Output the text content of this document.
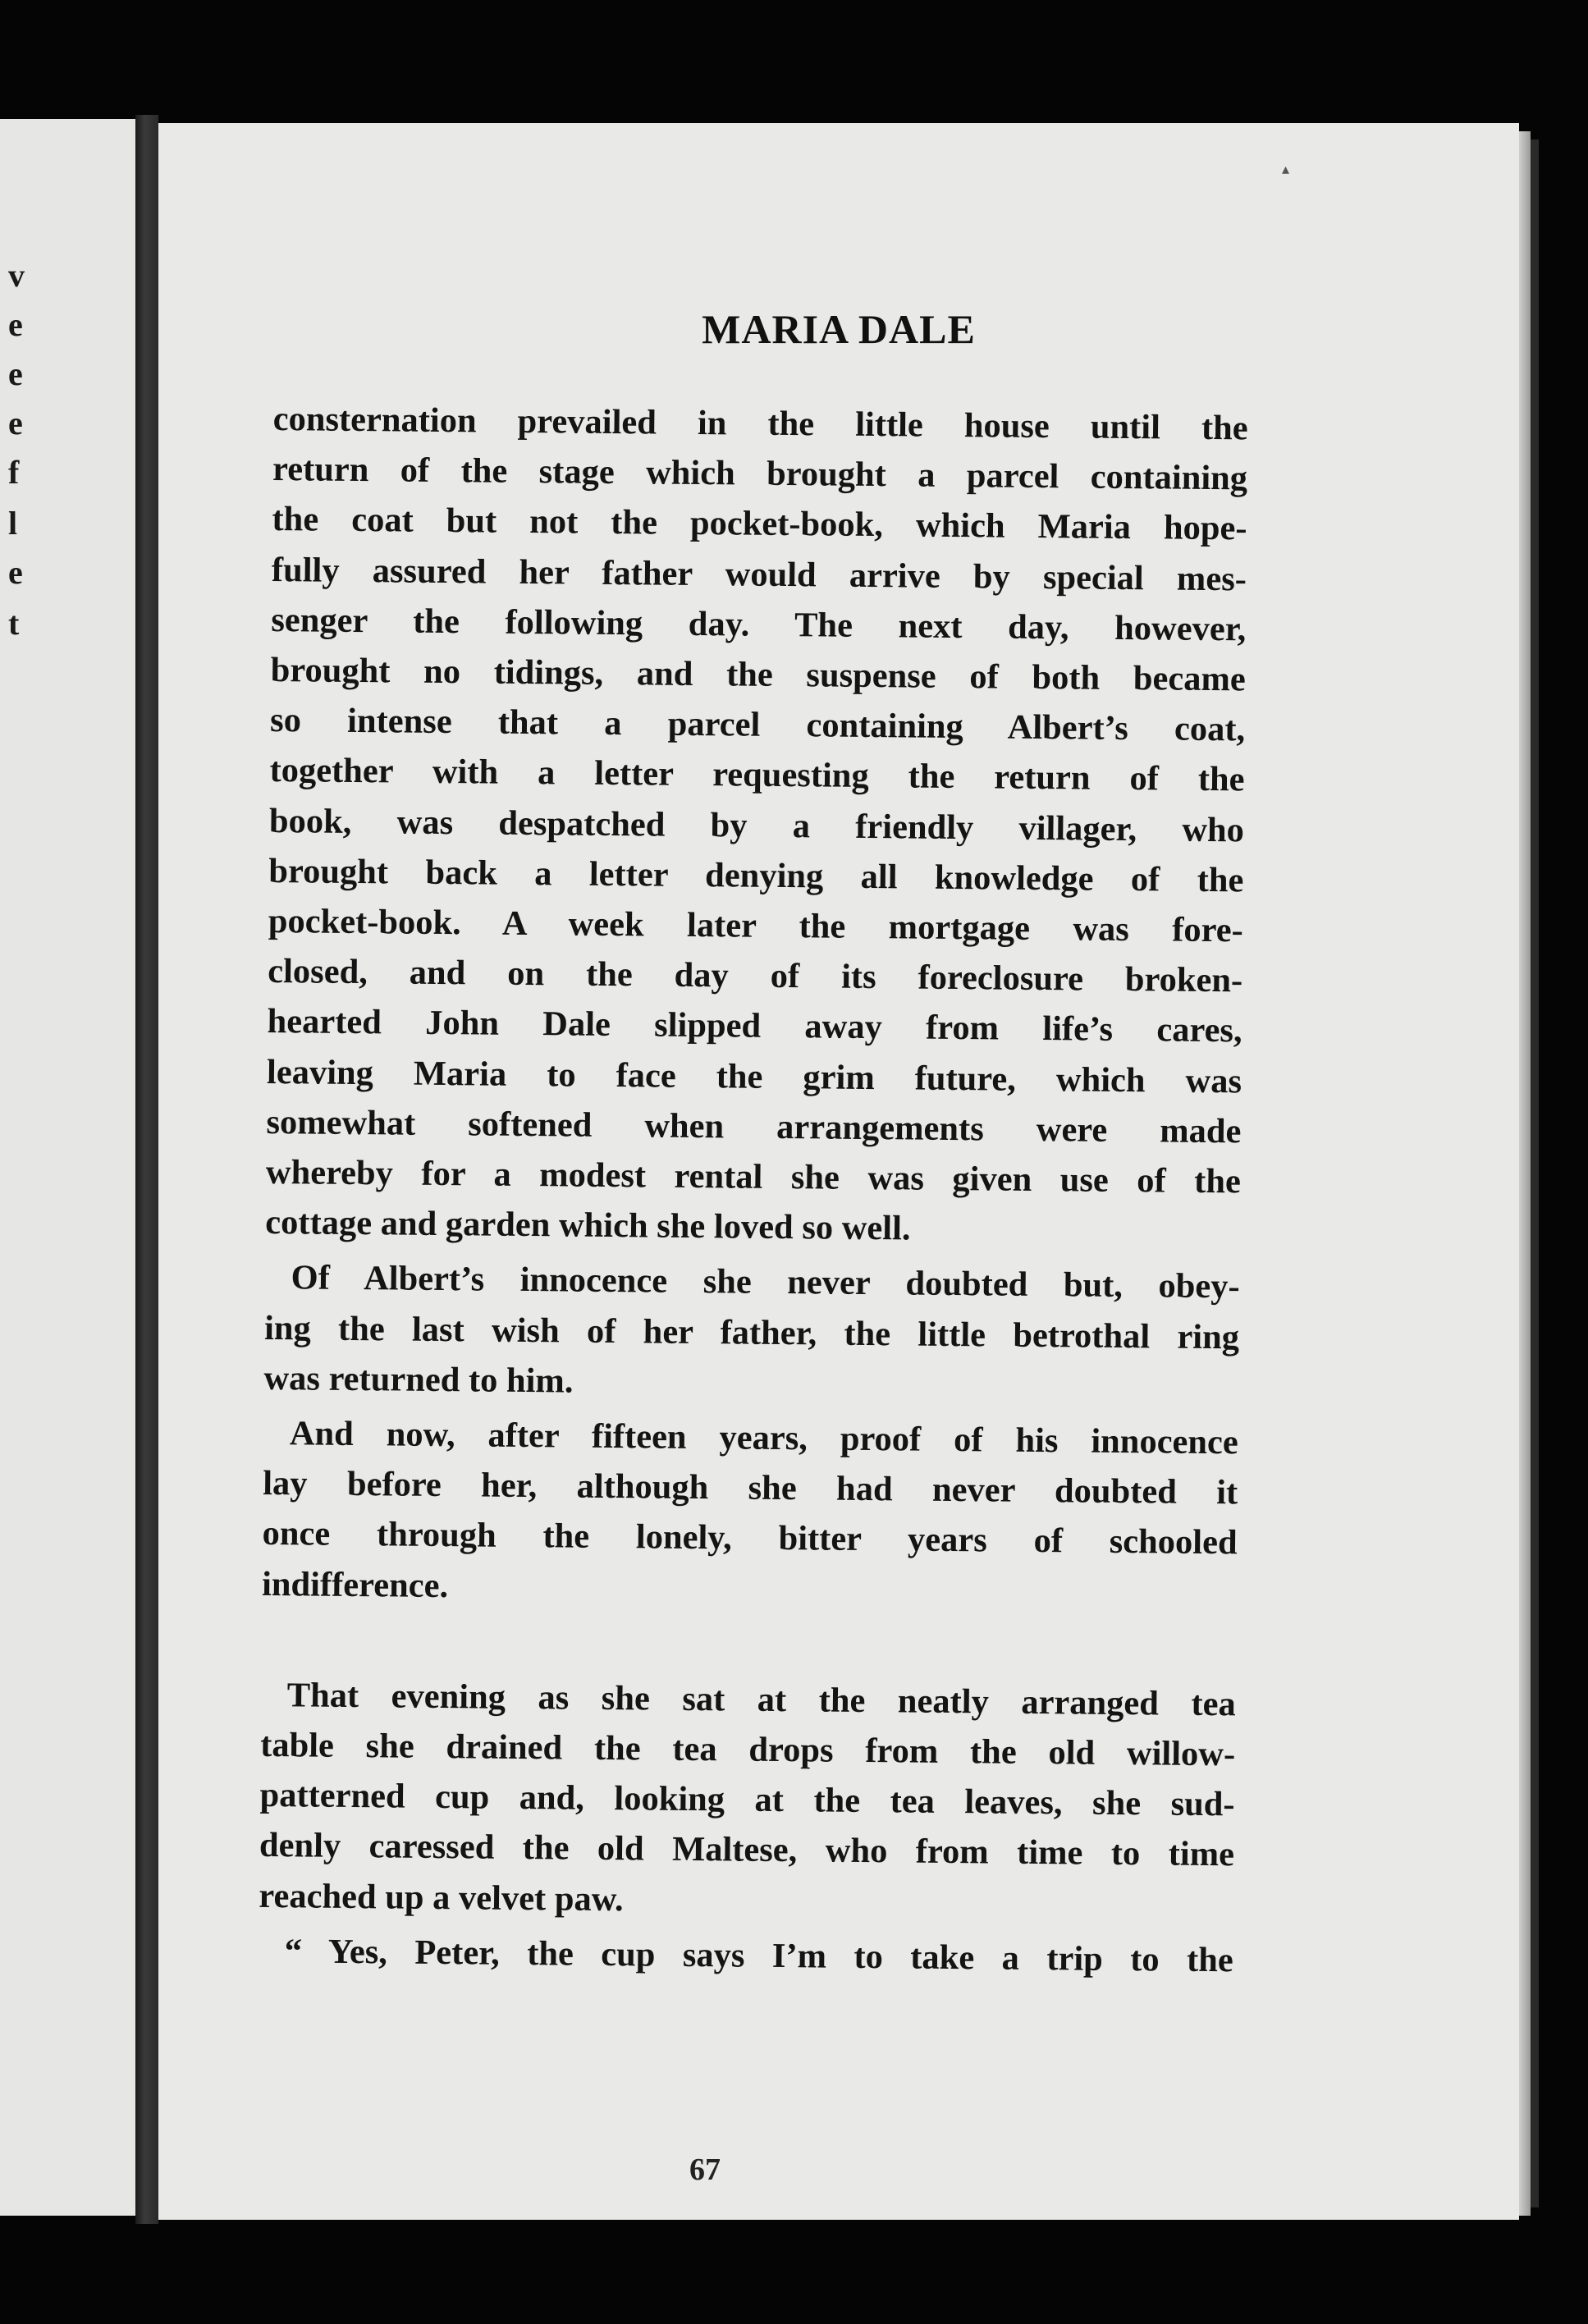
v
e
e
e
f
l
e
t
▴
MARIA DALE

consternation prevailed in the little house until the
return of the stage which brought a parcel containing
the coat but not the pocket-book, which Maria hope-
fully assured her father would arrive by special mes-
senger the following day. The next day, however,
brought no tidings, and the suspense of both became
so intense that a parcel containing Albert’s coat,
together with a letter requesting the return of the
book, was despatched by a friendly villager, who
brought back a letter denying all knowledge of the
pocket-book. A week later the mortgage was fore-
closed, and on the day of its foreclosure broken-
hearted John Dale slipped away from life’s cares,
leaving Maria to face the grim future, which was
somewhat softened when arrangements were made
whereby for a modest rental she was given use of the
cottage and garden which she loved so well.

Of Albert’s innocence she never doubted but, obey-
ing the last wish of her father, the little betrothal ring
was returned to him.

And now, after fifteen years, proof of his innocence
lay before her, although she had never doubted it
once through the lonely, bitter years of schooled
indifference.

That evening as she sat at the neatly arranged tea
table she drained the tea drops from the old willow-
patterned cup and, looking at the tea leaves, she sud-
denly caressed the old Maltese, who from time to time
reached up a velvet paw.

“ Yes, Peter, the cup says I’m to take a trip to the

67
